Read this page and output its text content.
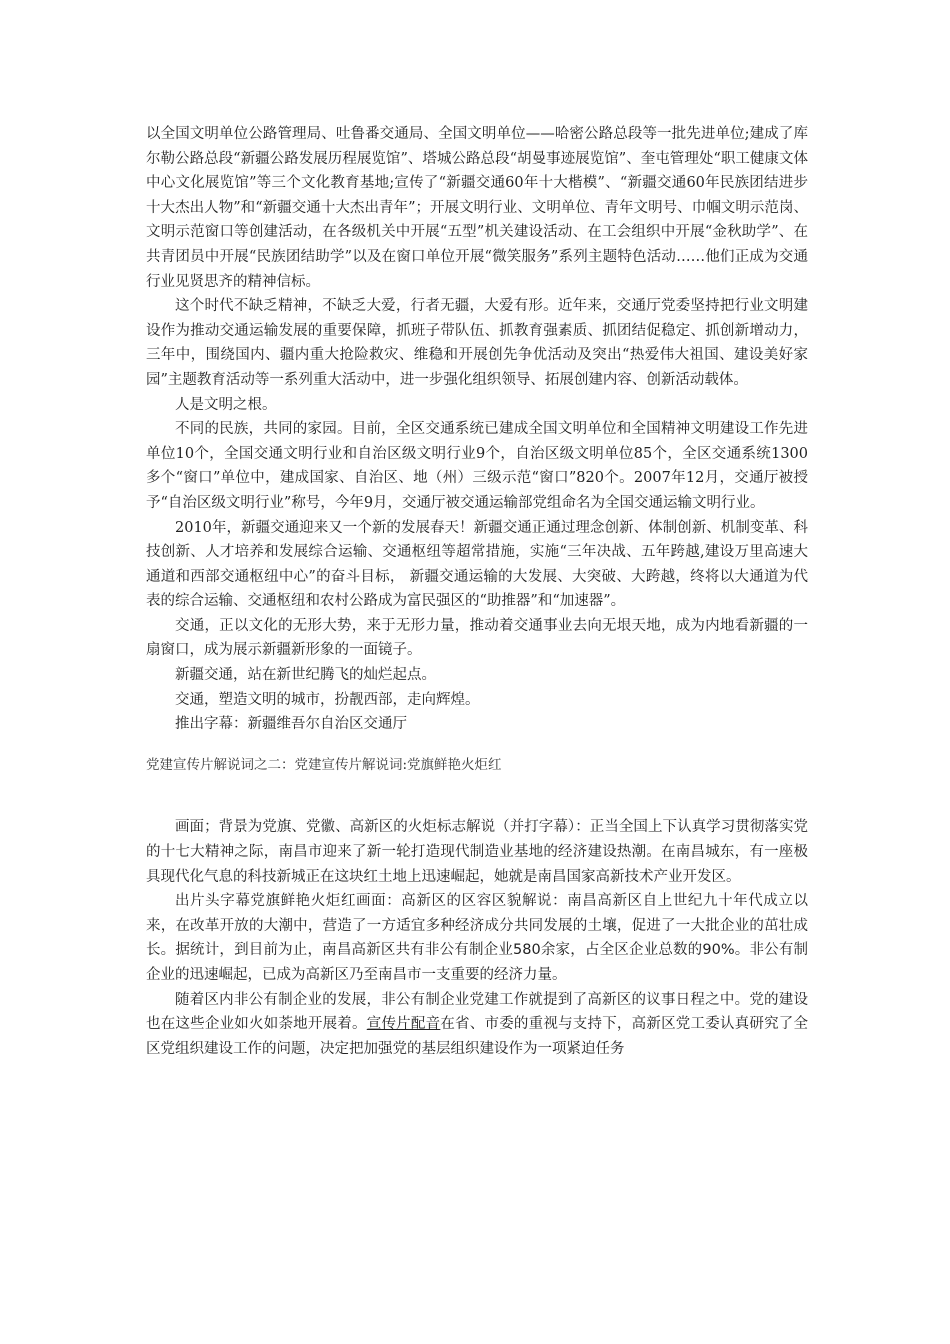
以全国文明单位公路管理局、吐鲁番交通局、全国文明单位——哈密公路总段等一批先进单位;建成了库尔勒公路总段“新疆公路发展历程展览馆”、塔城公路总段“胡曼事迹展览馆”、奎屯管理处“职工健康文体中心文化展览馆”等三个文化教育基地;宣传了“新疆交通60年十大楷模”、“新疆交通60年民族团结进步十大杰出人物”和“新疆交通十大杰出青年”；开展文明行业、文明单位、青年文明号、巾帼文明示范岗、文明示范窗口等创建活动，在各级机关中开展“五型”机关建设活动、在工会组织中开展“金秋助学”、在共青团员中开展“民族团结助学”以及在窗口单位开展“微笑服务”系列主题特色活动……他们正成为交通行业见贤思齐的精神信标。

这个时代不缺乏精神，不缺乏大爱，行者无疆，大爱有形。近年来，交通厅党委坚持把行业文明建设作为推动交通运输发展的重要保障，抓班子带队伍、抓教育强素质、抓团结促稳定、抓创新增动力，三年中，围绕国内、疆内重大抢险救灾、维稳和开展创先争优活动及突出“热爱伟大祖国、建设美好家园”主题教育活动等一系列重大活动中，进一步强化组织领导、拓展创建内容、创新活动载体。

人是文明之根。

不同的民族，共同的家园。目前，全区交通系统已建成全国文明单位和全国精神文明建设工作先进单位10个，全国交通文明行业和自治区级文明行业9个，自治区级文明单位85个，全区交通系统1300多个“窗口”单位中，建成国家、自治区、地（州）三级示范“窗口”820个。2007年12月，交通厅被授予“自治区级文明行业”称号，今年9月，交通厅被交通运输部党组命名为全国交通运输文明行业。

2010年，新疆交通迎来又一个新的发展春天！新疆交通正通过理念创新、体制创新、机制变革、科技创新、人才培养和发展综合运输、交通枢纽等超常措施，实施“三年决战、五年跨越,建设万里高速大通道和西部交通枢纽中心”的奋斗目标， 新疆交通运输的大发展、大突破、大跨越，终将以大通道为代表的综合运输、交通枢纽和农村公路成为富民强区的“助推器”和“加速器”。

交通，正以文化的无形大势，来于无形力量，推动着交通事业去向无垠天地，成为内地看新疆的一扇窗口，成为展示新疆新形象的一面镜子。

新疆交通，站在新世纪腾飞的灿烂起点。

交通，塑造文明的城市，扮靓西部，走向辉煌。

推出字幕：新疆维吾尔自治区交通厅

党建宣传片解说词之二：党建宣传片解说词:党旗鲜艳火炬红

画面；背景为党旗、党徽、高新区的火炬标志解说（并打字幕）：正当全国上下认真学习贯彻落实党的十七大精神之际，南昌市迎来了新一轮打造现代制造业基地的经济建设热潮。在南昌城东，有一座极具现代化气息的科技新城正在这块红土地上迅速崛起，她就是南昌国家高新技术产业开发区。

出片头字幕党旗鲜艳火炬红画面：高新区的区容区貌解说：南昌高新区自上世纪九十年代成立以来，在改革开放的大潮中，营造了一方适宜多种经济成分共同发展的土壤，促进了一大批企业的茁壮成长。据统计，到目前为止，南昌高新区共有非公有制企业580余家，占全区企业总数的90%。非公有制企业的迅速崛起，已成为高新区乃至南昌市一支重要的经济力量。

随着区内非公有制企业的发展，非公有制企业党建工作就提到了高新区的议事日程之中。党的建设也在这些企业如火如荼地开展着。宣传片配音在省、市委的重视与支持下，高新区党工委认真研究了全区党组织建设工作的问题，决定把加强党的基层组织建设作为一项紧迫任务
